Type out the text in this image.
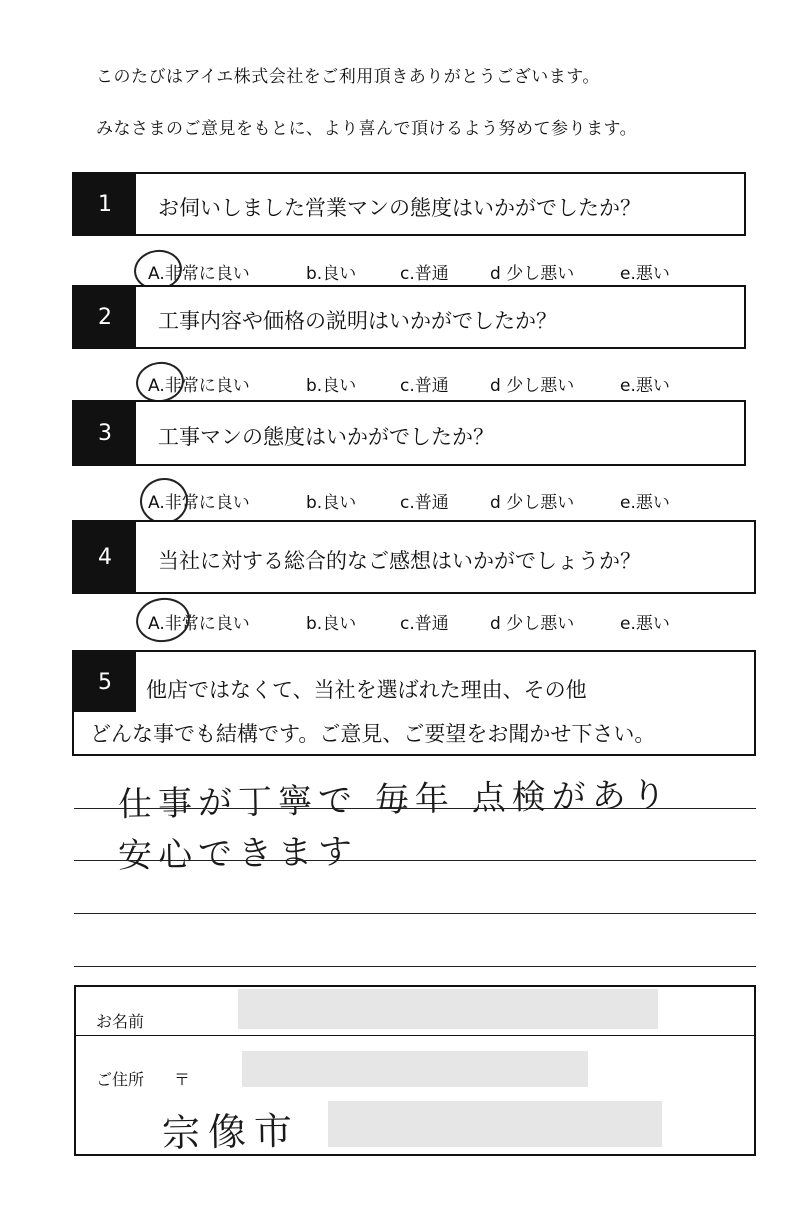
このたびはアイエ株式会社をご利用頂きありがとうございます。
みなさまのご意見をもとに、より喜んで頂けるよう努めて参ります。
1	お伺いしました営業マンの態度はいかがでしたか？
A.非常に良い	b.良い	c.普通 d 少し悪い	e.悪い
2	工事内容や価格の説明はいかがでしたか？
A.非常に良い	b.良い	c.普通 d 少し悪い	e.悪い
3	工事マンの態度はいかがでしたか？
A.非常に良い	b.良い	c.普通 d 少し悪い	e.悪い
4	当社に対する総合的なご感想はいかがでしょうか？
A.非常に良い	b.良い	c.普通 d 少し悪い	e.悪い
5	他店ではなくて、当社を選ばれた理由、その他
どんな事でも結構です。ご意見、ご要望をお聞かせ下さい。
仕事が丁寧で 毎年 点検があり
安心できます
お名前
ご住所 〒
宗像市
